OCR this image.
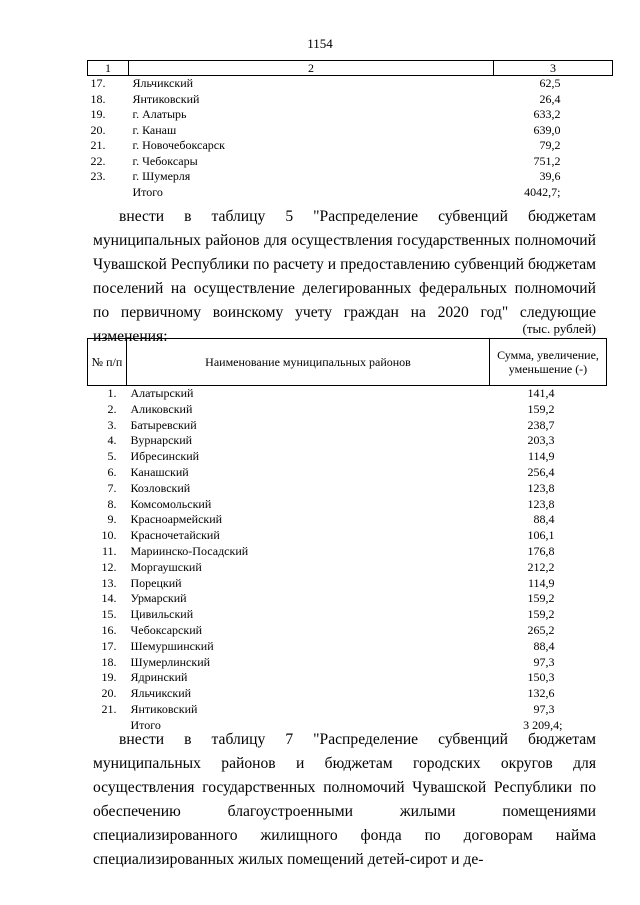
1154
1	2	3
17.	Яльчикский	62,5
18.	Янтиковский	26,4
19.	г. Алатырь	633,2
20.	г. Канаш	639,0
21.	г. Новочебоксарск	79,2
22.	г. Чебоксары	751,2
23.	г. Шумерля	39,6
	Итого	4042,7;
внести в таблицу 5 "Распределение субвенций бюджетам муниципальных районов для осуществления государственных полномочий Чувашской Республики по расчету и предоставлению субвенций бюджетам поселений на осуществление делегированных федеральных полномочий по первичному воинскому учету граждан на 2020 год" следующие изменения:	(тыс. рублей)
№ п/п	Наименование муниципальных районов	Сумма, увеличение, уменьшение (-)
1.	Алатырский	141,4
2.	Аликовский	159,2
3.	Батыревский	238,7
4.	Вурнарский	203,3
5.	Ибресинский	114,9
6.	Канашский	256,4
7.	Козловский	123,8
8.	Комсомольский	123,8
9.	Красноармейский	88,4
10.	Красночетайский	106,1
11.	Мариинско-Посадский	176,8
12.	Моргаушский	212,2
13.	Порецкий	114,9
14.	Урмарский	159,2
15.	Цивильский	159,2
16.	Чебоксарский	265,2
17.	Шемуршинский	88,4
18.	Шумерлинский	97,3
19.	Ядринский	150,3
20.	Яльчикский	132,6
21.	Янтиковский	97,3
	Итого	3 209,4;
внести в таблицу 7 "Распределение субвенций бюджетам муниципальных районов и бюджетам городских округов для осуществления государственных полномочий Чувашской Республики по обеспечению благоустроенными жилыми помещениями специализированного жилищного фонда по договорам найма специализированных жилых помещений детей-сирот и де-
